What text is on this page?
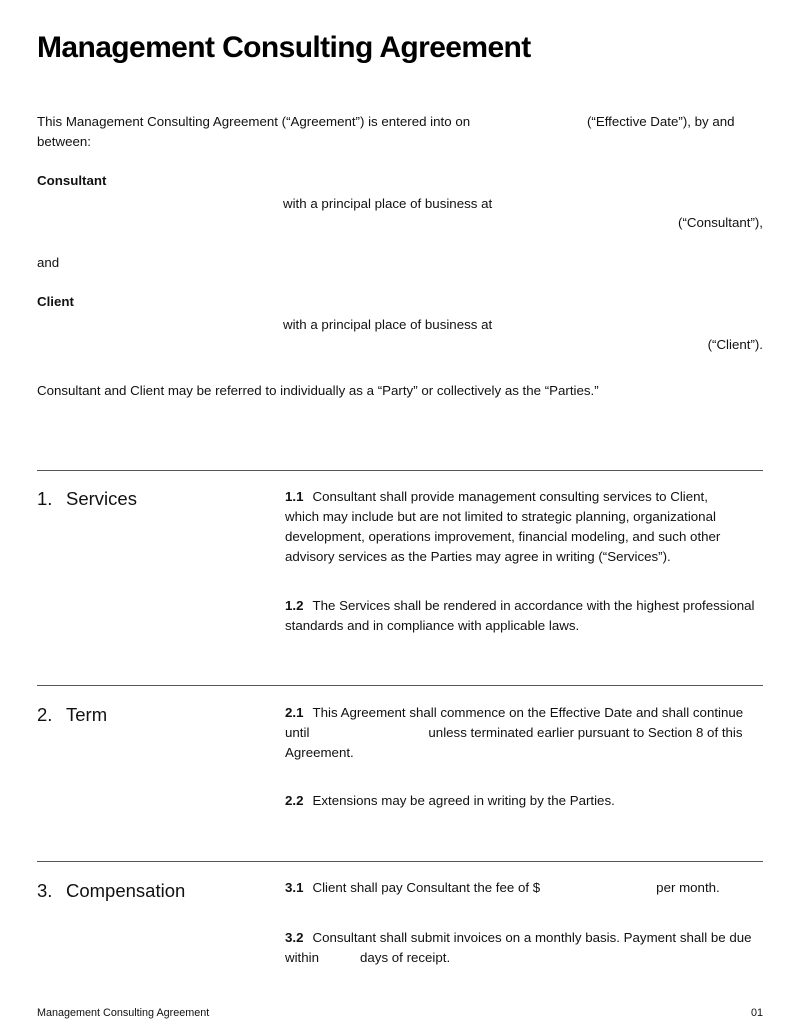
Management Consulting Agreement
This Management Consulting Agreement (“Agreement”) is entered into on	(“Effective Date”), by and
between:
Consultant
with a principal place of business at
(“Consultant”),
and
Client
with a principal place of business at
(“Client”).
Consultant and Client may be referred to individually as a “Party” or collectively as the “Parties.”
1. Services	1.1 Consultant shall provide management consulting services to Client,
which may include but are not limited to strategic planning, organizational
development, operations improvement, financial modeling, and such other
advisory services as the Parties may agree in writing (“Services”).
1.2 The Services shall be rendered in accordance with the highest professional
standards and in compliance with applicable laws.
2. Term	2.1 This Agreement shall commence on the Effective Date and shall continue
until	unless terminated earlier pursuant to Section 8 of this
Agreement.
2.2 Extensions may be agreed in writing by the Parties.
3. Compensation	3.1 Client shall pay Consultant the fee of $	per month.
3.2 Consultant shall submit invoices on a monthly basis. Payment shall be due
within	days of receipt.
Management Consulting Agreement	01
